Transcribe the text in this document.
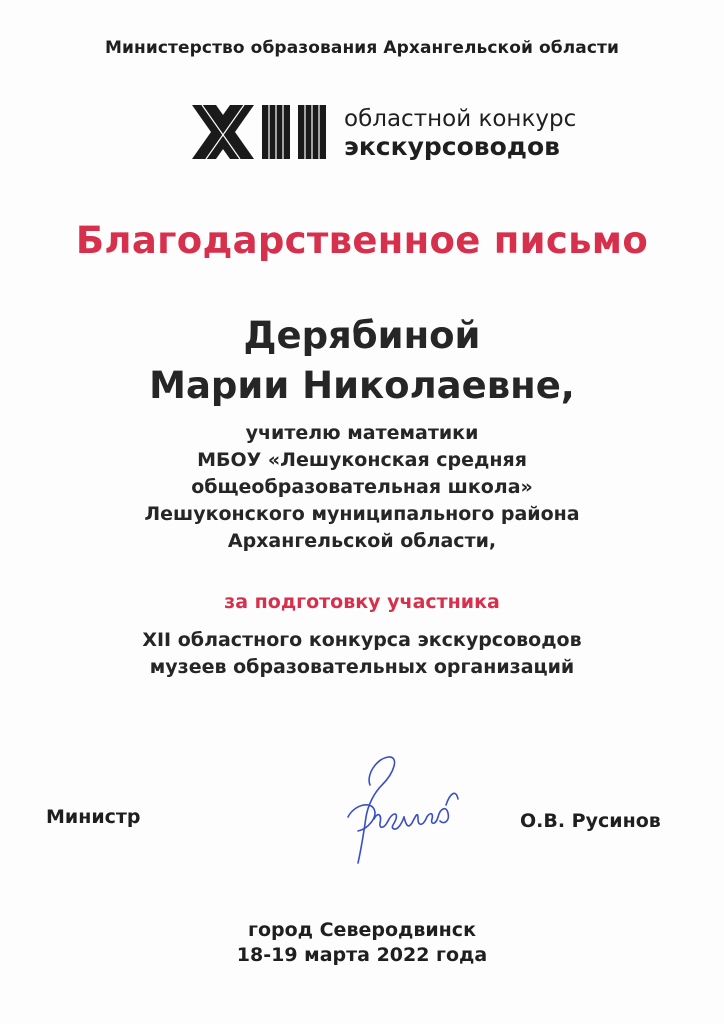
Министерство образования Архангельской области
областной конкурс
экскурсоводов
Благодарственное письмо
Дерябиной
Марии Николаевне,
учителю математики
МБОУ «Лешуконская средняя
общеобразовательная школа»
Лешуконского муниципального района
Архангельской области,
за подготовку участника
XII областного конкурса экскурсоводов
музеев образовательных организаций
Министр	О.В. Русинов
город Северодвинск
18-19 марта 2022 года
